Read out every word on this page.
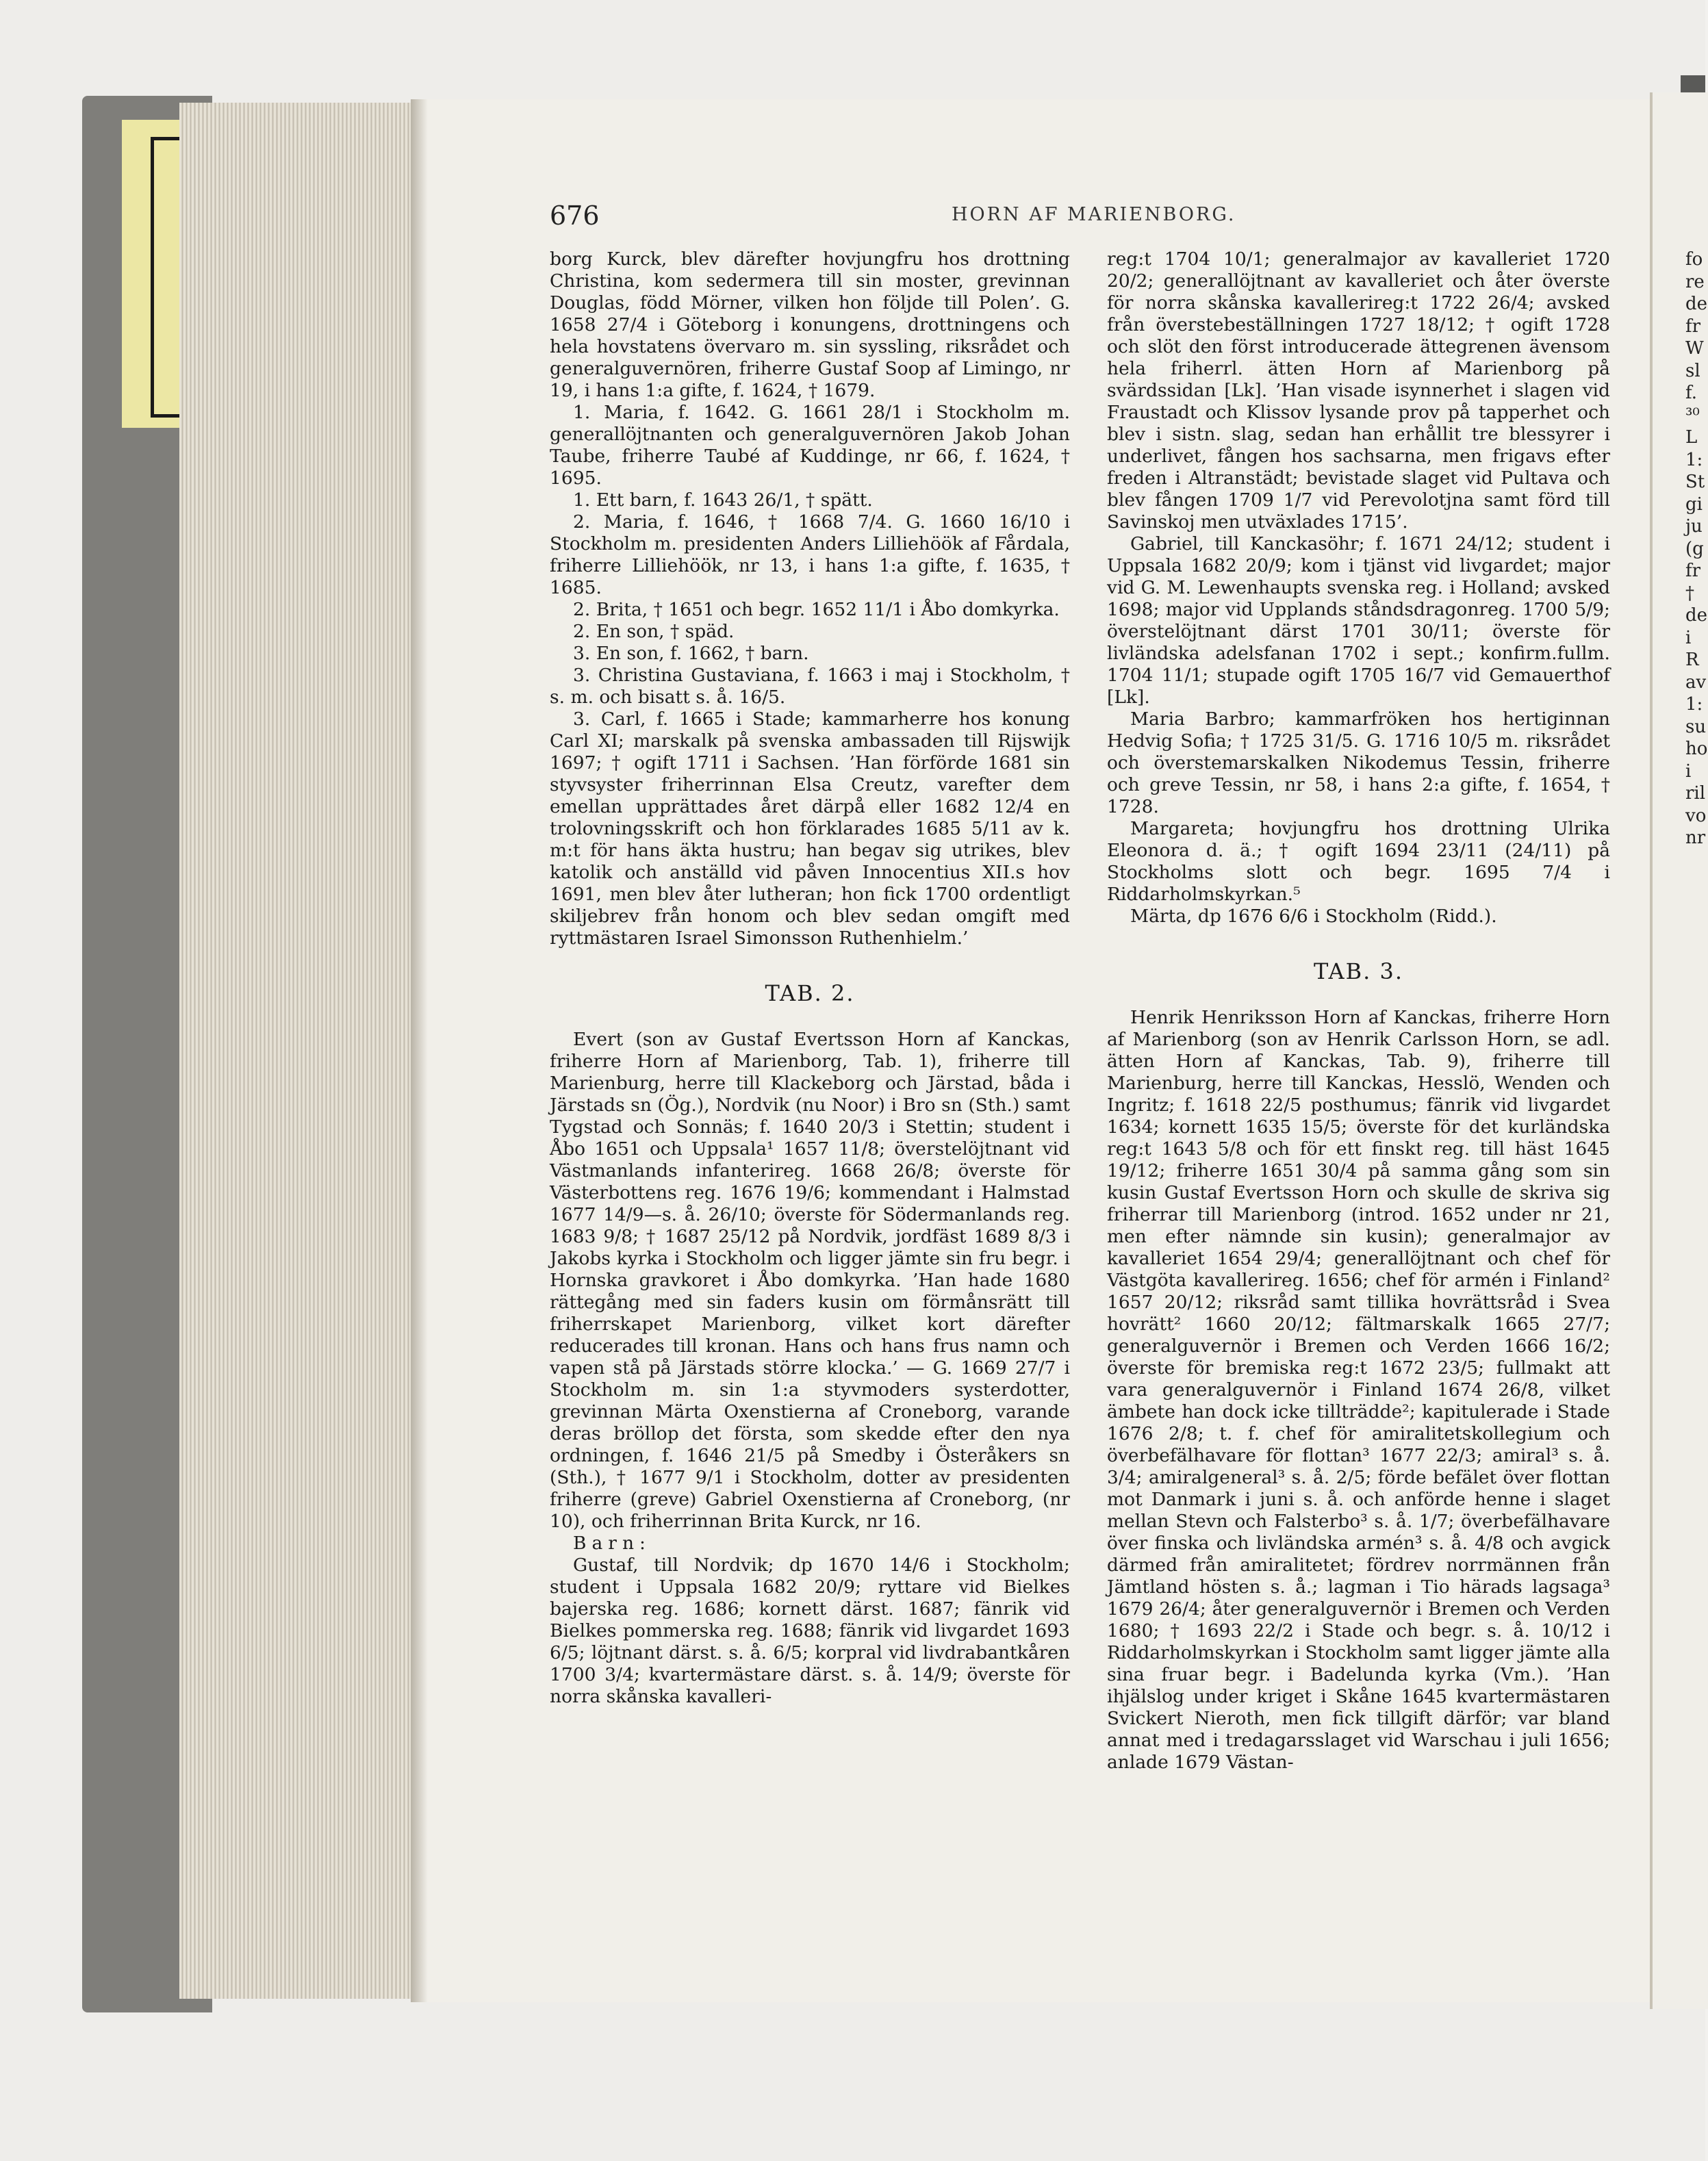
676	HORN AF MARIENBORG.

borg Kurck, blev därefter hovjungfru hos drottning Christina, kom sedermera till sin moster, grevinnan Douglas, född Mörner, vilken hon följde till Polen’. G. 1658 27/4 i Göteborg i konungens, drottningens och hela hovstatens övervaro m. sin syssling, riksrådet och generalguvernören, friherre Gustaf Soop af Limingo, nr 19, i hans 1:a gifte, f. 1624, † 1679.

1. Maria, f. 1642. G. 1661 28/1 i Stockholm m. generallöjtnanten och generalguvernören Jakob Johan Taube, friherre Taubé af Kuddinge, nr 66, f. 1624, † 1695.

1. Ett barn, f. 1643 26/1, † spätt.

2. Maria, f. 1646, † 1668 7/4. G. 1660 16/10 i Stockholm m. presidenten Anders Lilliehöök af Fårdala, friherre Lilliehöök, nr 13, i hans 1:a gifte, f. 1635, † 1685.

2. Brita, † 1651 och begr. 1652 11/1 i Åbo domkyrka.

2. En son, † späd.

3. En son, f. 1662, † barn.

3. Christina Gustaviana, f. 1663 i maj i Stockholm, † s. m. och bisatt s. å. 16/5.

3. Carl, f. 1665 i Stade; kammarherre hos konung Carl XI; marskalk på svenska ambassaden till Rijswijk 1697; † ogift 1711 i Sachsen. ’Han förförde 1681 sin styvsyster friherrinnan Elsa Creutz, varefter dem emellan upprättades året därpå eller 1682 12/4 en trolovningsskrift och hon förklarades 1685 5/11 av k. m:t för hans äkta hustru; han begav sig utrikes, blev katolik och anställd vid påven Innocentius XII.s hov 1691, men blev åter lutheran; hon fick 1700 ordentligt skiljebrev från honom och blev sedan omgift med ryttmästaren Israel Simonsson Ruthenhielm.’

TAB. 2.

Evert (son av Gustaf Evertsson Horn af Kanckas, friherre Horn af Marienborg, Tab. 1), friherre till Marienburg, herre till Klackeborg och Järstad, båda i Järstads sn (Ög.), Nordvik (nu Noor) i Bro sn (Sth.) samt Tygstad och Sonnäs; f. 1640 20/3 i Stettin; student i Åbo 1651 och Uppsala¹ 1657 11/8; överstelöjtnant vid Västmanlands infanterireg. 1668 26/8; överste för Västerbottens reg. 1676 19/6; kommendant i Halmstad 1677 14/9—s. å. 26/10; överste för Södermanlands reg. 1683 9/8; † 1687 25/12 på Nordvik, jordfäst 1689 8/3 i Jakobs kyrka i Stockholm och ligger jämte sin fru begr. i Hornska gravkoret i Åbo domkyrka. ’Han hade 1680 rättegång med sin faders kusin om förmånsrätt till friherrskapet Marienborg, vilket kort därefter reducerades till kronan. Hans och hans frus namn och vapen stå på Järstads större klocka.’ — G. 1669 27/7 i Stockholm m. sin 1:a styvmoders systerdotter, grevinnan Märta Oxenstierna af Croneborg, varande deras bröllop det första, som skedde efter den nya ordningen, f. 1646 21/5 på Smedby i Österåkers sn (Sth.), † 1677 9/1 i Stockholm, dotter av presidenten friherre (greve) Gabriel Oxenstierna af Croneborg, (nr 10), och friherrinnan Brita Kurck, nr 16.

Barn:

Gustaf, till Nordvik; dp 1670 14/6 i Stockholm; student i Uppsala 1682 20/9; ryttare vid Bielkes bajerska reg. 1686; kornett därst. 1687; fänrik vid Bielkes pommerska reg. 1688; fänrik vid livgardet 1693 6/5; löjtnant därst. s. å. 6/5; korpral vid livdrabantkåren 1700 3/4; kvartermästare därst. s. å. 14/9; överste för norra skånska kavalleri-

reg:t 1704 10/1; generalmajor av kavalleriet 1720 20/2; generallöjtnant av kavalleriet och åter överste för norra skånska kavallerireg:t 1722 26/4; avsked från överstebeställningen 1727 18/12; † ogift 1728 och slöt den först introducerade ättegrenen ävensom hela friherrl. ätten Horn af Marienborg på svärdssidan [Lk]. ’Han visade isynnerhet i slagen vid Fraustadt och Klissov lysande prov på tapperhet och blev i sistn. slag, sedan han erhållit tre blessyrer i underlivet, fången hos sachsarna, men frigavs efter freden i Altranstädt; bevistade slaget vid Pultava och blev fången 1709 1/7 vid Perevolotjna samt förd till Savinskoj men utväxlades 1715’.

Gabriel, till Kanckasöhr; f. 1671 24/12; student i Uppsala 1682 20/9; kom i tjänst vid livgardet; major vid G. M. Lewenhaupts svenska reg. i Holland; avsked 1698; major vid Upplands ståndsdragonreg. 1700 5/9; överstelöjtnant därst 1701 30/11; överste för livländska adelsfanan 1702 i sept.; konfirm.fullm. 1704 11/1; stupade ogift 1705 16/7 vid Gemauerthof [Lk].

Maria Barbro; kammarfröken hos hertiginnan Hedvig Sofia; † 1725 31/5. G. 1716 10/5 m. riksrådet och överstemarskalken Nikodemus Tessin, friherre och greve Tessin, nr 58, i hans 2:a gifte, f. 1654, † 1728.

Margareta; hovjungfru hos drottning Ulrika Eleonora d. ä.; † ogift 1694 23/11 (24/11) på Stockholms slott och begr. 1695 7/4 i Riddarholmskyrkan.⁵

Märta, dp 1676 6/6 i Stockholm (Ridd.).

TAB. 3.

Henrik Henriksson Horn af Kanckas, friherre Horn af Marienborg (son av Henrik Carlsson Horn, se adl. ätten Horn af Kanckas, Tab. 9), friherre till Marienburg, herre till Kanckas, Hesslö, Wenden och Ingritz; f. 1618 22/5 posthumus; fänrik vid livgardet 1634; kornett 1635 15/5; överste för det kurländska reg:t 1643 5/8 och för ett finskt reg. till häst 1645 19/12; friherre 1651 30/4 på samma gång som sin kusin Gustaf Evertsson Horn och skulle de skriva sig friherrar till Marienborg (introd. 1652 under nr 21, men efter nämnde sin kusin); generalmajor av kavalleriet 1654 29/4; generallöjtnant och chef för Västgöta kavallerireg. 1656; chef för armén i Finland² 1657 20/12; riksråd samt tillika hovrättsråd i Svea hovrätt² 1660 20/12; fältmarskalk 1665 27/7; generalguvernör i Bremen och Verden 1666 16/2; överste för bremiska reg:t 1672 23/5; fullmakt att vara generalguvernör i Finland 1674 26/8, vilket ämbete han dock icke tillträdde²; kapitulerade i Stade 1676 2/8; t. f. chef för amiralitetskollegium och överbefälhavare för flottan³ 1677 22/3; amiral³ s. å. 3/4; amiralgeneral³ s. å. 2/5; förde befälet över flottan mot Danmark i juni s. å. och anförde henne i slaget mellan Stevn och Falsterbo³ s. å. 1/7; överbefälhavare över finska och livländska armén³ s. å. 4/8 och avgick därmed från amiralitetet; fördrev norrmännen från Jämtland hösten s. å.; lagman i Tio härads lagsaga³ 1679 26/4; åter generalguvernör i Bremen och Verden 1680; † 1693 22/2 i Stade och begr. s. å. 10/12 i Riddarholmskyrkan i Stockholm samt ligger jämte alla sina fruar begr. i Badelunda kyrka (Vm.). ’Han ihjälslog under kriget i Skåne 1645 kvartermästaren Svickert Nieroth, men fick tillgift därför; var bland annat med i tredagarsslaget vid Warschau i juli 1656; anlade 1679 Västan-

fo
re
de
fr
W
sl
f.
³⁰
L
1:
St
gi
ju
(g
fr
†
de
i
R
av
1:
su
ho
i
ril
vo
nr
